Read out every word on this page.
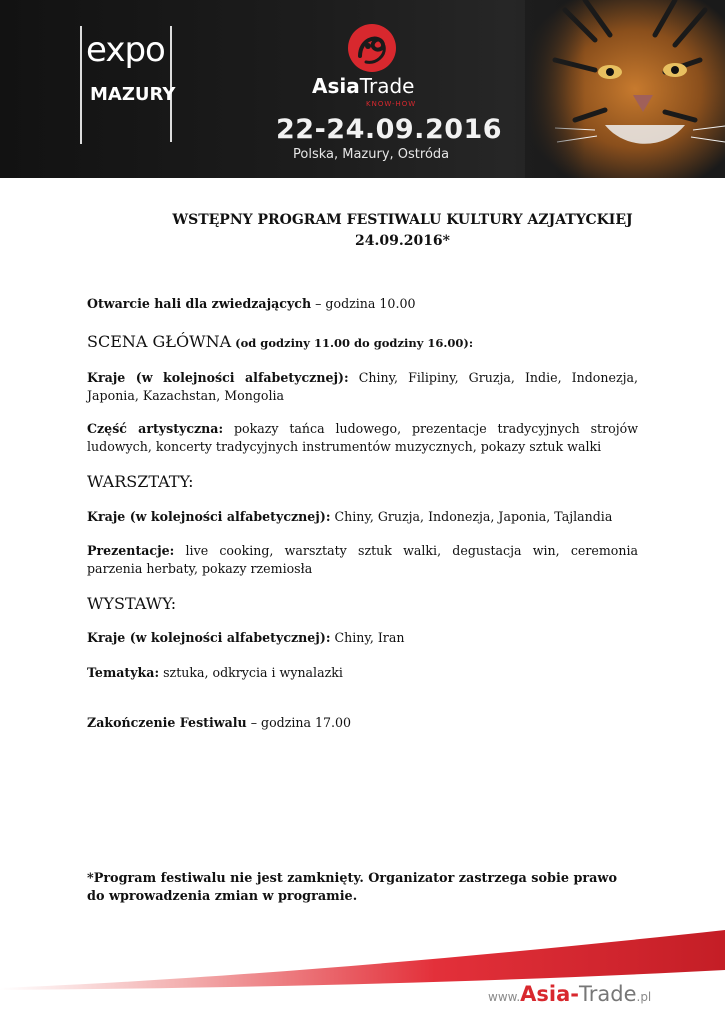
expo
MAZURY	AsiaTrade
KNOW-HOW
22-24.09.2016
Polska, Mazury, Ostróda
WSTĘPNY PROGRAM FESTIWALU KULTURY AZJATYCKIEJ
24.09.2016*
Otwarcie hali dla zwiedzających – godzina 10.00
SCENA GŁÓWNA (od godziny 11.00 do godziny 16.00):
Kraje (w kolejności alfabetycznej): Chiny, Filipiny, Gruzja, Indie, Indonezja, Japonia, Kazachstan, Mongolia
Część artystyczna: pokazy tańca ludowego, prezentacje tradycyjnych strojów ludowych, koncerty tradycyjnych instrumentów muzycznych, pokazy sztuk walki
WARSZTATY:
Kraje (w kolejności alfabetycznej): Chiny, Gruzja, Indonezja, Japonia, Tajlandia
Prezentacje: live cooking, warsztaty sztuk walki, degustacja win, ceremonia parzenia herbaty, pokazy rzemiosła
WYSTAWY:
Kraje (w kolejności alfabetycznej): Chiny, Iran
Tematyka: sztuka, odkrycia i wynalazki
Zakończenie Festiwalu – godzina 17.00
*Program festiwalu nie jest zamknięty. Organizator zastrzega sobie prawo do wprowadzenia zmian w programie.
www.Asia-Trade.pl
